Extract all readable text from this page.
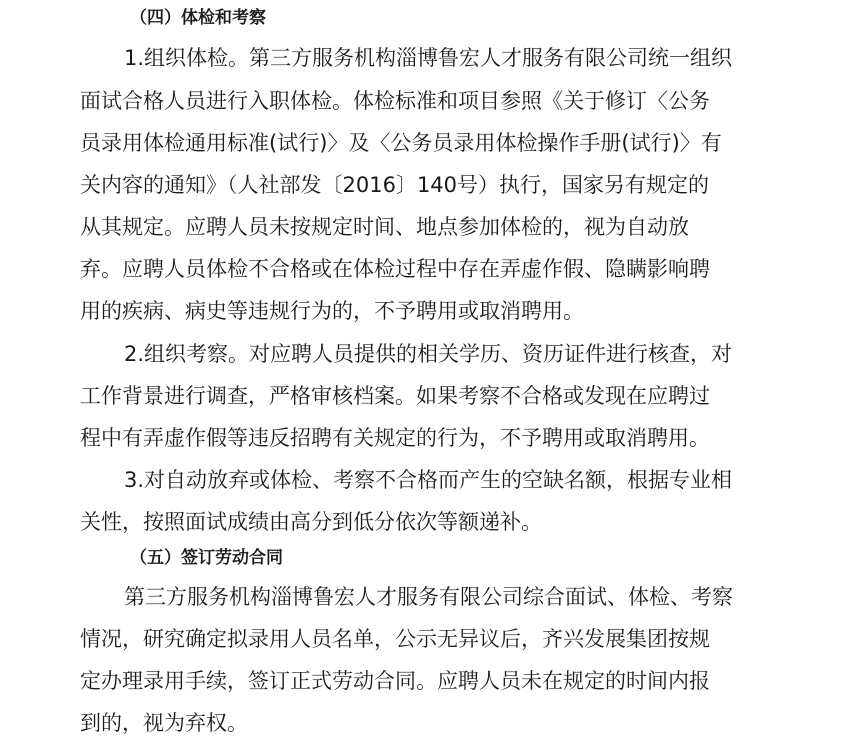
（四）体检和考察
1.组织体检。第三方服务机构淄博鲁宏人才服务有限公司统一组织
面试合格人员进行入职体检。体检标准和项目参照《关于修订〈公务
员录用体检通用标准(试行)〉及〈公务员录用体检操作手册(试行)〉有
关内容的通知》（人社部发〔2016〕140号）执行，国家另有规定的
从其规定。应聘人员未按规定时间、地点参加体检的，视为自动放
弃。应聘人员体检不合格或在体检过程中存在弄虚作假、隐瞒影响聘
用的疾病、病史等违规行为的，不予聘用或取消聘用。
2.组织考察。对应聘人员提供的相关学历、资历证件进行核查，对
工作背景进行调查，严格审核档案。如果考察不合格或发现在应聘过
程中有弄虚作假等违反招聘有关规定的行为，不予聘用或取消聘用。
3.对自动放弃或体检、考察不合格而产生的空缺名额，根据专业相
关性，按照面试成绩由高分到低分依次等额递补。
（五）签订劳动合同
第三方服务机构淄博鲁宏人才服务有限公司综合面试、体检、考察
情况，研究确定拟录用人员名单，公示无异议后，齐兴发展集团按规
定办理录用手续，签订正式劳动合同。应聘人员未在规定的时间内报
到的，视为弃权。
